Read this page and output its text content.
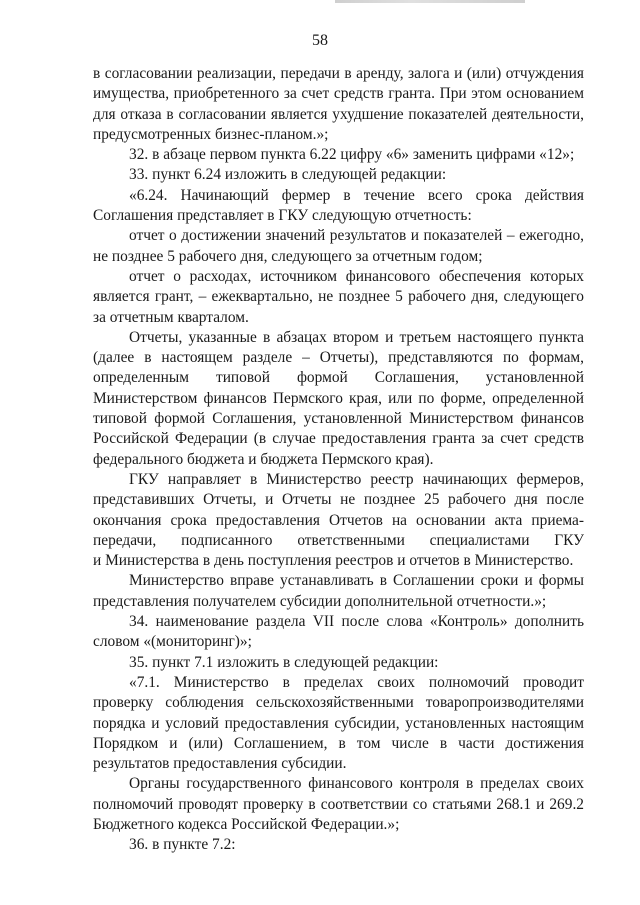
58
в согласовании реализации, передачи в аренду, залога и (или) отчуждения
имущества, приобретенного за счет средств гранта. При этом основанием
для отказа в согласовании является ухудшение показателей деятельности,
предусмотренных бизнес-планом.»;
32. в абзаце первом пункта 6.22 цифру «6» заменить цифрами «12»;
33. пункт 6.24 изложить в следующей редакции:
«6.24. Начинающий фермер в течение всего срока действия
Соглашения представляет в ГКУ следующую отчетность:
отчет о достижении значений результатов и показателей – ежегодно,
не позднее 5 рабочего дня, следующего за отчетным годом;
отчет о расходах, источником финансового обеспечения которых
является грант, – ежеквартально, не позднее 5 рабочего дня, следующего
за отчетным кварталом.
Отчеты, указанные в абзацах втором и третьем настоящего пункта
(далее в настоящем разделе – Отчеты), представляются по формам,
определенным типовой формой Соглашения, установленной
Министерством финансов Пермского края, или по форме, определенной
типовой формой Соглашения, установленной Министерством финансов
Российской Федерации (в случае предоставления гранта за счет средств
федерального бюджета и бюджета Пермского края).
ГКУ направляет в Министерство реестр начинающих фермеров,
представивших Отчеты, и Отчеты не позднее 25 рабочего дня после
окончания срока предоставления Отчетов на основании акта приема-
передачи, подписанного ответственными специалистами ГКУ
и Министерства в день поступления реестров и отчетов в Министерство.
Министерство вправе устанавливать в Соглашении сроки и формы
представления получателем субсидии дополнительной отчетности.»;
34. наименование раздела VII после слова «Контроль» дополнить
словом «(мониторинг)»;
35. пункт 7.1 изложить в следующей редакции:
«7.1. Министерство в пределах своих полномочий проводит
проверку соблюдения сельскохозяйственными товаропроизводителями
порядка и условий предоставления субсидии, установленных настоящим
Порядком и (или) Соглашением, в том числе в части достижения
результатов предоставления субсидии.
Органы государственного финансового контроля в пределах своих
полномочий проводят проверку в соответствии со статьями 268.1 и 269.2
Бюджетного кодекса Российской Федерации.»;
36. в пункте 7.2:
